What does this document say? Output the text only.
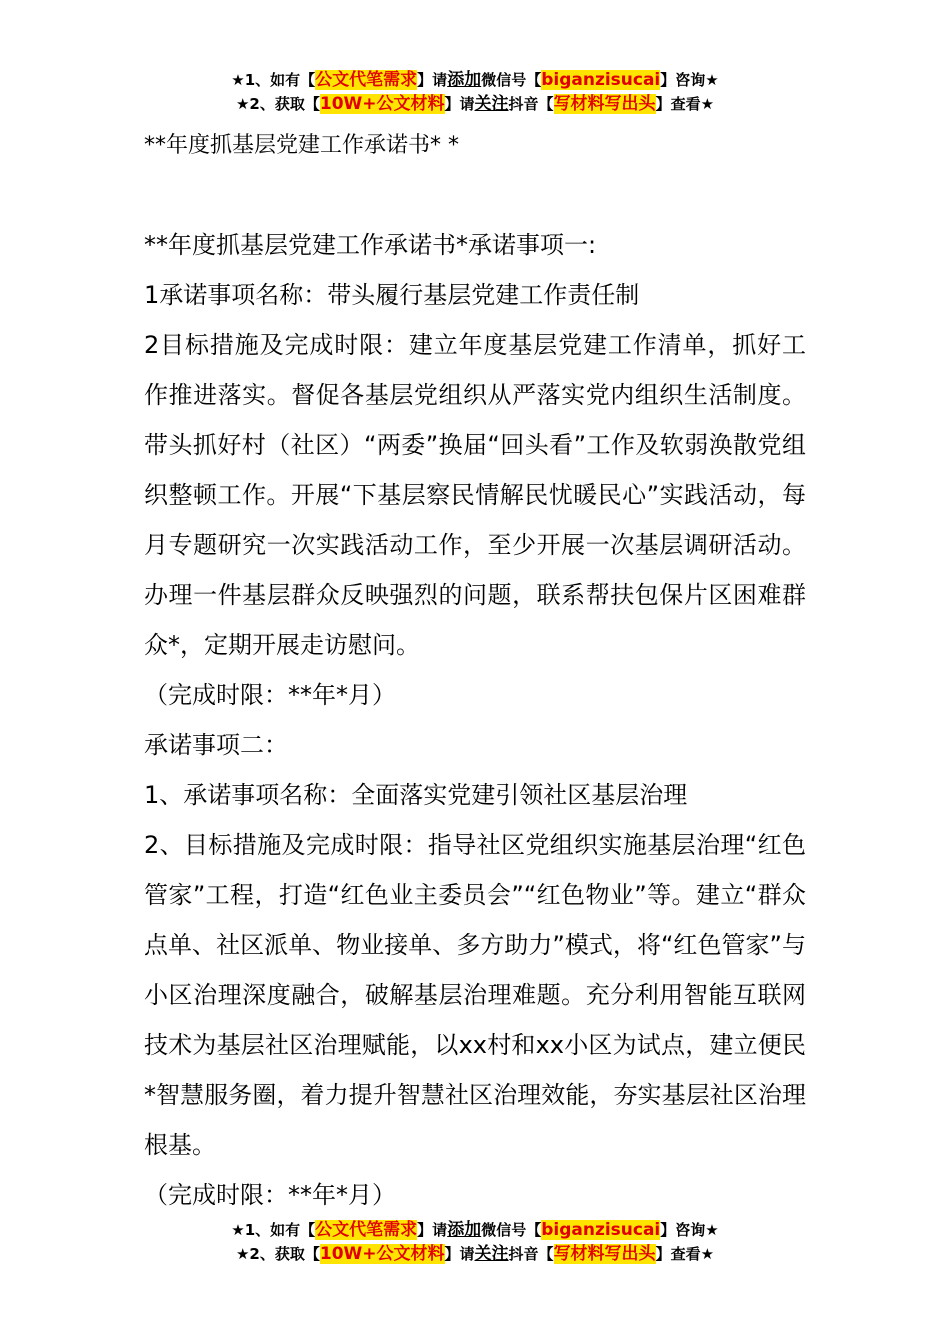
★1、如有【公文代笔需求】请添加微信号【biganzisucai】咨询★
★2、获取【10W+公文材料】请关注抖音【写材料写出头】查看★
**年度抓基层党建工作承诺书* *

**年度抓基层党建工作承诺书*承诺事项一:

1承诺事项名称：带头履行基层党建工作责任制

2目标措施及完成时限：建立年度基层党建工作清单，抓好工作推进落实。督促各基层党组织从严落实党内组织生活制度。带头抓好村（社区）“两委”换届“回头看”工作及软弱涣散党组织整顿工作。开展“下基层察民情解民忧暖民心”实践活动，每月专题研究一次实践活动工作，至少开展一次基层调研活动。办理一件基层群众反映强烈的问题，联系帮扶包保片区困难群众*，定期开展走访慰问。

（完成时限：**年*月）

承诺事项二：

1、承诺事项名称：全面落实党建引领社区基层治理

2、目标措施及完成时限：指导社区党组织实施基层治理“红色管家”工程，打造“红色业主委员会”“红色物业”等。建立“群众点单、社区派单、物业接单、多方助力”模式，将“红色管家”与小区治理深度融合，破解基层治理难题。充分利用智能互联网技术为基层社区治理赋能，以xx村和xx小区为试点，建立便民*智慧服务圈，着力提升智慧社区治理效能，夯实基层社区治理根基。

（完成时限：**年*月）

★1、如有【公文代笔需求】请添加微信号【biganzisucai】咨询★
★2、获取【10W+公文材料】请关注抖音【写材料写出头】查看★
